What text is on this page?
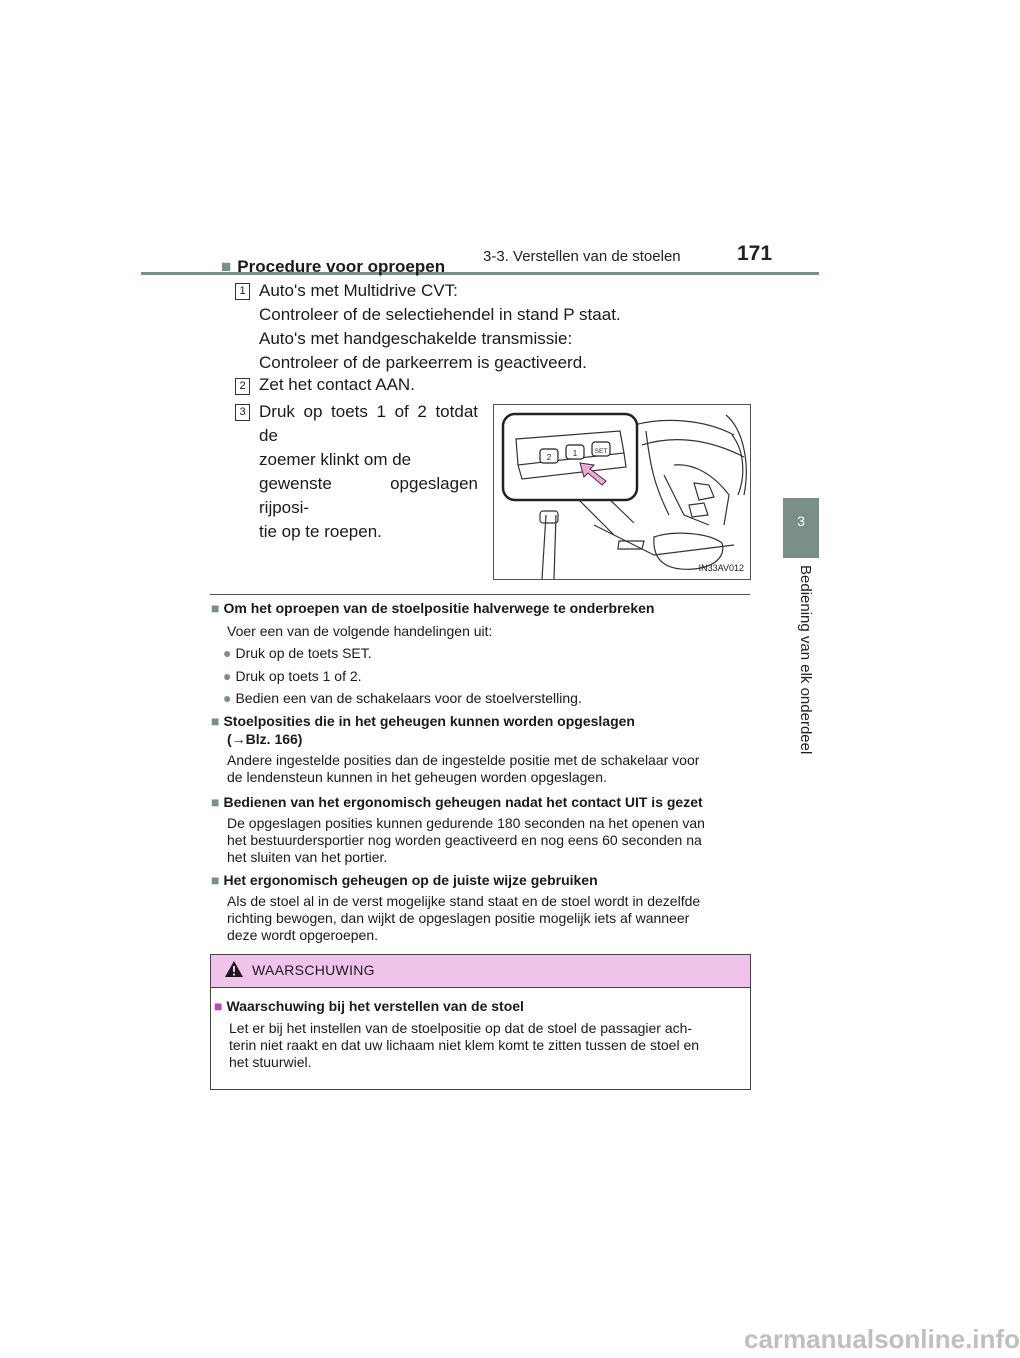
3-3. Verstellen van de stoelen	171
3
Bediening van elk onderdeel
■ Procedure voor oproepen
1 Auto's met Multidrive CVT:
Controleer of de selectiehendel in stand P staat.
Auto's met handgeschakelde transmissie:
Controleer of de parkeerrem is geactiveerd.
2 Zet het contact AAN.
3 Druk op toets 1 of 2 totdat de
zoemer klinkt om de
gewenste opgeslagen rijposi-
tie op te roepen.
2	1	SET
IN33AV012
■ Om het oproepen van de stoelpositie halverwege te onderbreken
Voer een van de volgende handelingen uit:
● Druk op de toets SET.
● Druk op toets 1 of 2.
● Bedien een van de schakelaars voor de stoelverstelling.
■ Stoelposities die in het geheugen kunnen worden opgeslagen
(→Blz. 166)
Andere ingestelde posities dan de ingestelde positie met de schakelaar voor
de lendensteun kunnen in het geheugen worden opgeslagen.
■ Bedienen van het ergonomisch geheugen nadat het contact UIT is gezet
De opgeslagen posities kunnen gedurende 180 seconden na het openen van
het bestuurdersportier nog worden geactiveerd en nog eens 60 seconden na
het sluiten van het portier.
■ Het ergonomisch geheugen op de juiste wijze gebruiken
Als de stoel al in de verst mogelijke stand staat en de stoel wordt in dezelfde
richting bewogen, dan wijkt de opgeslagen positie mogelijk iets af wanneer
deze wordt opgeroepen.
WAARSCHUWING
■ Waarschuwing bij het verstellen van de stoel
Let er bij het instellen van de stoelpositie op dat de stoel de passagier ach-
terin niet raakt en dat uw lichaam niet klem komt te zitten tussen de stoel en
het stuurwiel.
carmanualsonline.info
